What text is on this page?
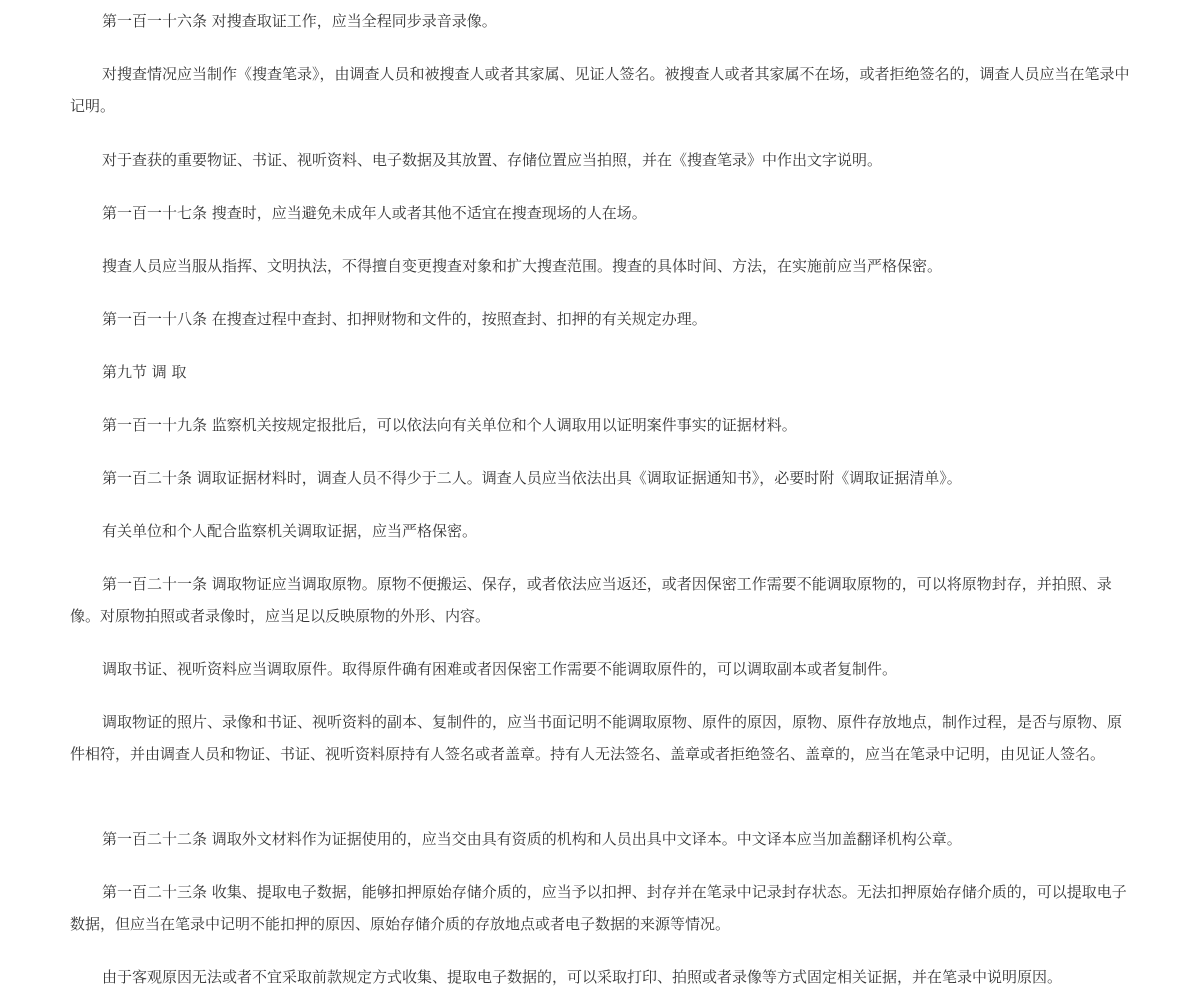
第一百一十六条 对搜查取证工作，应当全程同步录音录像。

对搜查情况应当制作《搜查笔录》，由调查人员和被搜查人或者其家属、见证人签名。被搜查人或者其家属不在场，或者拒绝签名的，调查人员应当在笔录中记明。

对于查获的重要物证、书证、视听资料、电子数据及其放置、存储位置应当拍照，并在《搜查笔录》中作出文字说明。

第一百一十七条 搜查时，应当避免未成年人或者其他不适宜在搜查现场的人在场。

搜查人员应当服从指挥、文明执法，不得擅自变更搜查对象和扩大搜查范围。搜查的具体时间、方法，在实施前应当严格保密。

第一百一十八条 在搜查过程中查封、扣押财物和文件的，按照查封、扣押的有关规定办理。

第九节 调 取

第一百一十九条 监察机关按规定报批后，可以依法向有关单位和个人调取用以证明案件事实的证据材料。

第一百二十条 调取证据材料时，调查人员不得少于二人。调查人员应当依法出具《调取证据通知书》，必要时附《调取证据清单》。

有关单位和个人配合监察机关调取证据，应当严格保密。

第一百二十一条 调取物证应当调取原物。原物不便搬运、保存，或者依法应当返还，或者因保密工作需要不能调取原物的，可以将原物封存，并拍照、录像。对原物拍照或者录像时，应当足以反映原物的外形、内容。

调取书证、视听资料应当调取原件。取得原件确有困难或者因保密工作需要不能调取原件的，可以调取副本或者复制件。

调取物证的照片、录像和书证、视听资料的副本、复制件的，应当书面记明不能调取原物、原件的原因，原物、原件存放地点，制作过程，是否与原物、原件相符，并由调查人员和物证、书证、视听资料原持有人签名或者盖章。持有人无法签名、盖章或者拒绝签名、盖章的，应当在笔录中记明，由见证人签名。

第一百二十二条 调取外文材料作为证据使用的，应当交由具有资质的机构和人员出具中文译本。中文译本应当加盖翻译机构公章。

第一百二十三条 收集、提取电子数据，能够扣押原始存储介质的，应当予以扣押、封存并在笔录中记录封存状态。无法扣押原始存储介质的，可以提取电子数据，但应当在笔录中记明不能扣押的原因、原始存储介质的存放地点或者电子数据的来源等情况。

由于客观原因无法或者不宜采取前款规定方式收集、提取电子数据的，可以采取打印、拍照或者录像等方式固定相关证据，并在笔录中说明原因。
